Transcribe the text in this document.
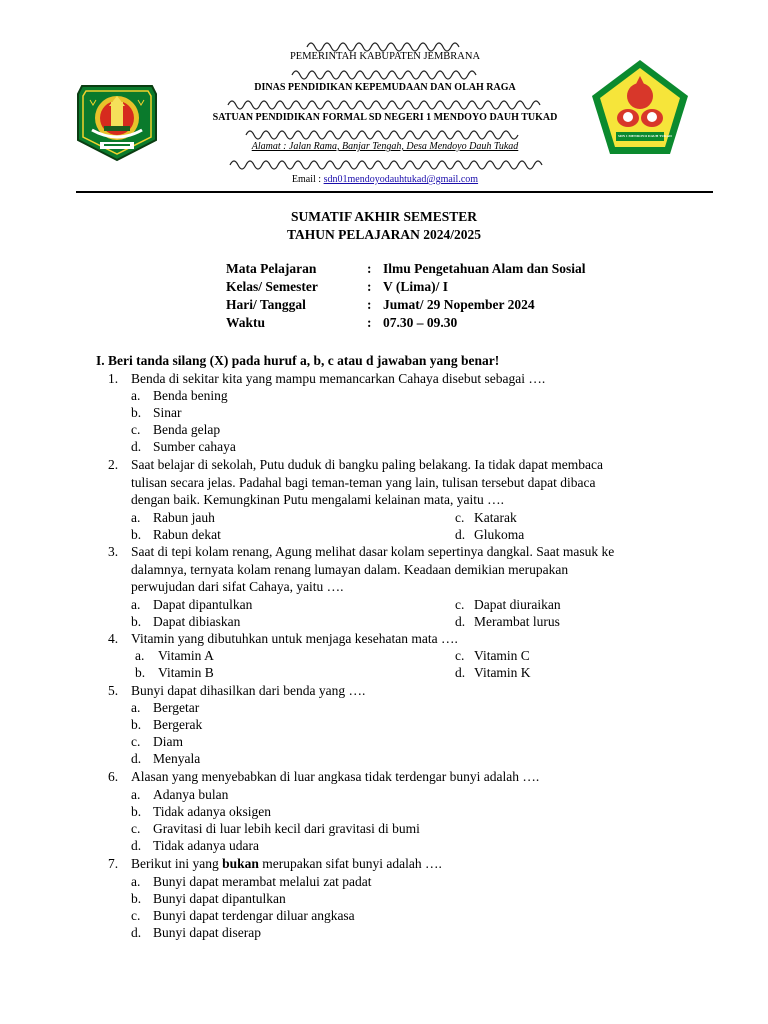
SDN 1 MENDOYO DAUH TUKAD
PEMERINTAH KABUPATEN JEMBRANA
DINAS PENDIDIKAN KEPEMUDAAN DAN OLAH RAGA
SATUAN PENDIDIKAN FORMAL SD NEGERI 1 MENDOYO DAUH TUKAD
Alamat : Jalan Rama, Banjar Tengah, Desa Mendoyo Dauh Tukad
Email : sdn01mendoyodauhtukad@gmail.com
SUMATIF AKHIR SEMESTER
TAHUN PELAJARAN 2024/2025
Mata Pelajaran	: Ilmu Pengetahuan Alam dan Sosial
Kelas/ Semester	: V (Lima)/ I
Hari/ Tanggal	: Jumat/ 29 Nopember 2024
Waktu	: 07.30 – 09.30
I. Beri tanda silang (X) pada huruf a, b, c atau d jawaban yang benar!
1. Benda di sekitar kita yang mampu memancarkan Cahaya disebut sebagai ….
a. Benda bening
b. Sinar
c. Benda gelap
d. Sumber cahaya
2. Saat belajar di sekolah, Putu duduk di bangku paling belakang. Ia tidak dapat membaca
tulisan secara jelas. Padahal bagi teman-teman yang lain, tulisan tersebut dapat dibaca
dengan baik. Kemungkinan Putu mengalami kelainan mata, yaitu ….
a. Rabun jauh
b. Rabun dekat
c. Katarak
d. Glukoma
3. Saat di tepi kolam renang, Agung melihat dasar kolam sepertinya dangkal. Saat masuk ke
dalamnya, ternyata kolam renang lumayan dalam. Keadaan demikian merupakan
perwujudan dari sifat Cahaya, yaitu ….
a. Dapat dipantulkan
b. Dapat dibiaskan
c. Dapat diuraikan
d. Merambat lurus
4. Vitamin yang dibutuhkan untuk menjaga kesehatan mata ….
a. Vitamin A
b. Vitamin B
c. Vitamin C
d. Vitamin K
5. Bunyi dapat dihasilkan dari benda yang ….
a. Bergetar
b. Bergerak
c. Diam
d. Menyala
6. Alasan yang menyebabkan di luar angkasa tidak terdengar bunyi adalah ….
a. Adanya bulan
b. Tidak adanya oksigen
c. Gravitasi di luar lebih kecil dari gravitasi di bumi
d. Tidak adanya udara
7. Berikut ini yang bukan merupakan sifat bunyi adalah ….
a. Bunyi dapat merambat melalui zat padat
b. Bunyi dapat dipantulkan
c. Bunyi dapat terdengar diluar angkasa
d. Bunyi dapat diserap
